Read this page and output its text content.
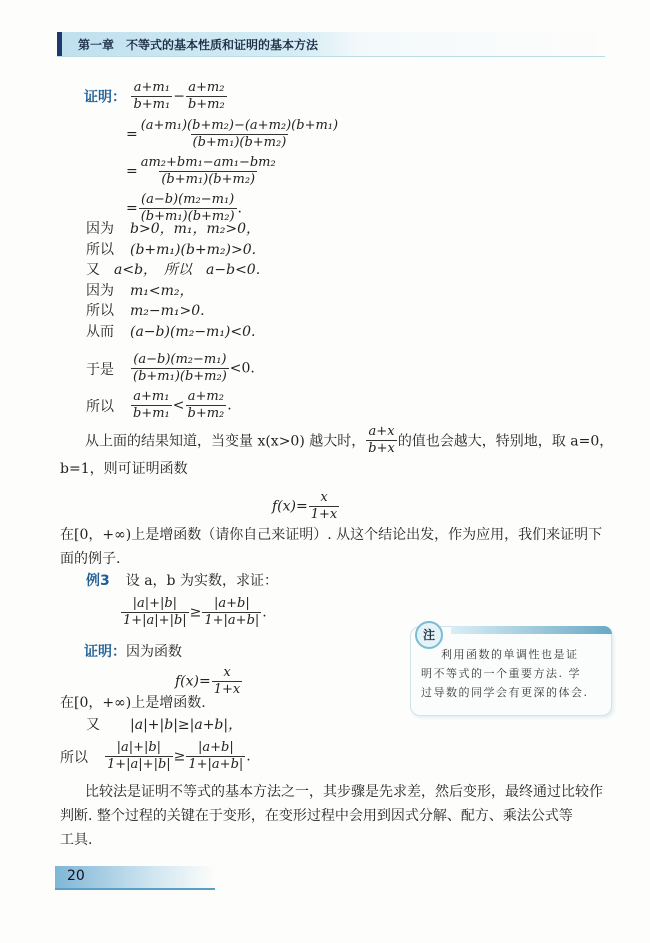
第一章　不等式的基本性质和证明的基本方法
证明： $\frac{\text{a+m₁}}{\text{b+m₁}} - \frac{\text{a+m₂}}{\text{b+m₂}}$
= $\frac{\text{(a+m₁)(b+m₂)−(a+m₂)(b+m₁)}}{\text{(b+m₁)(b+m₂)}}$
= $\frac{\text{am₂+bm₁−am₁−bm₂}}{\text{(b+m₁)(b+m₂)}}$
= $\frac{\text{(a−b)(m₂−m₁)}}{\text{(b+m₁)(b+m₂)}}$ .
因为 b>0，m₁，m₂>0，
所以 (b+m₁)(b+m₂)>0.
又 a<b，　所以　a−b<0.
因为 m₁<m₂，
所以 m₂−m₁>0.
从而 (a−b)(m₂−m₁)<0.
于是 $\frac{\text{(a−b)(m₂−m₁)}}{\text{(b+m₁)(b+m₂)}} <0$.
所以 $\frac{\text{a+m₁}}{\text{b+m₁}} < \frac{\text{a+m₂}}{\text{b+m₂}}$ .
从上面的结果知道，当变量 x(x>0) 越大时， $\frac{a+x}{b+x}$ 的值也会越大，特别地，取 a=0，
b=1，则可证明函数
$f(x)= \frac{x}{1+x}$

在[0，+∞)上是增函数（请你自己来证明）. 从这个结论出发，作为应用，我们来证明下

面的例子.

例3 设 a，b 为实数，求证：
$\frac{|a|+|b|}{1+|a|+|b|} \ge \frac{|a+b|}{1+|a+b|}$ .
证明：因为函数
$f(x)= \frac{x}{1+x}$
在[0，+∞)上是增函数.
又 |a|+|b|≥|a+b|，
所以 $\frac{|a|+|b|}{1+|a|+|b|} \ge \frac{|a+b|}{1+|a+b|}$ .

比较法是证明不等式的基本方法之一，其步骤是先求差，然后变形，最终通过比较作

判断. 整个过程的关键在于变形，在变形过程中会用到因式分解、配方、乘法公式等

工具.

注
利用函数的单调性也是证
明不等式的一个重要方法. 学
过导数的同学会有更深的体会.
20
